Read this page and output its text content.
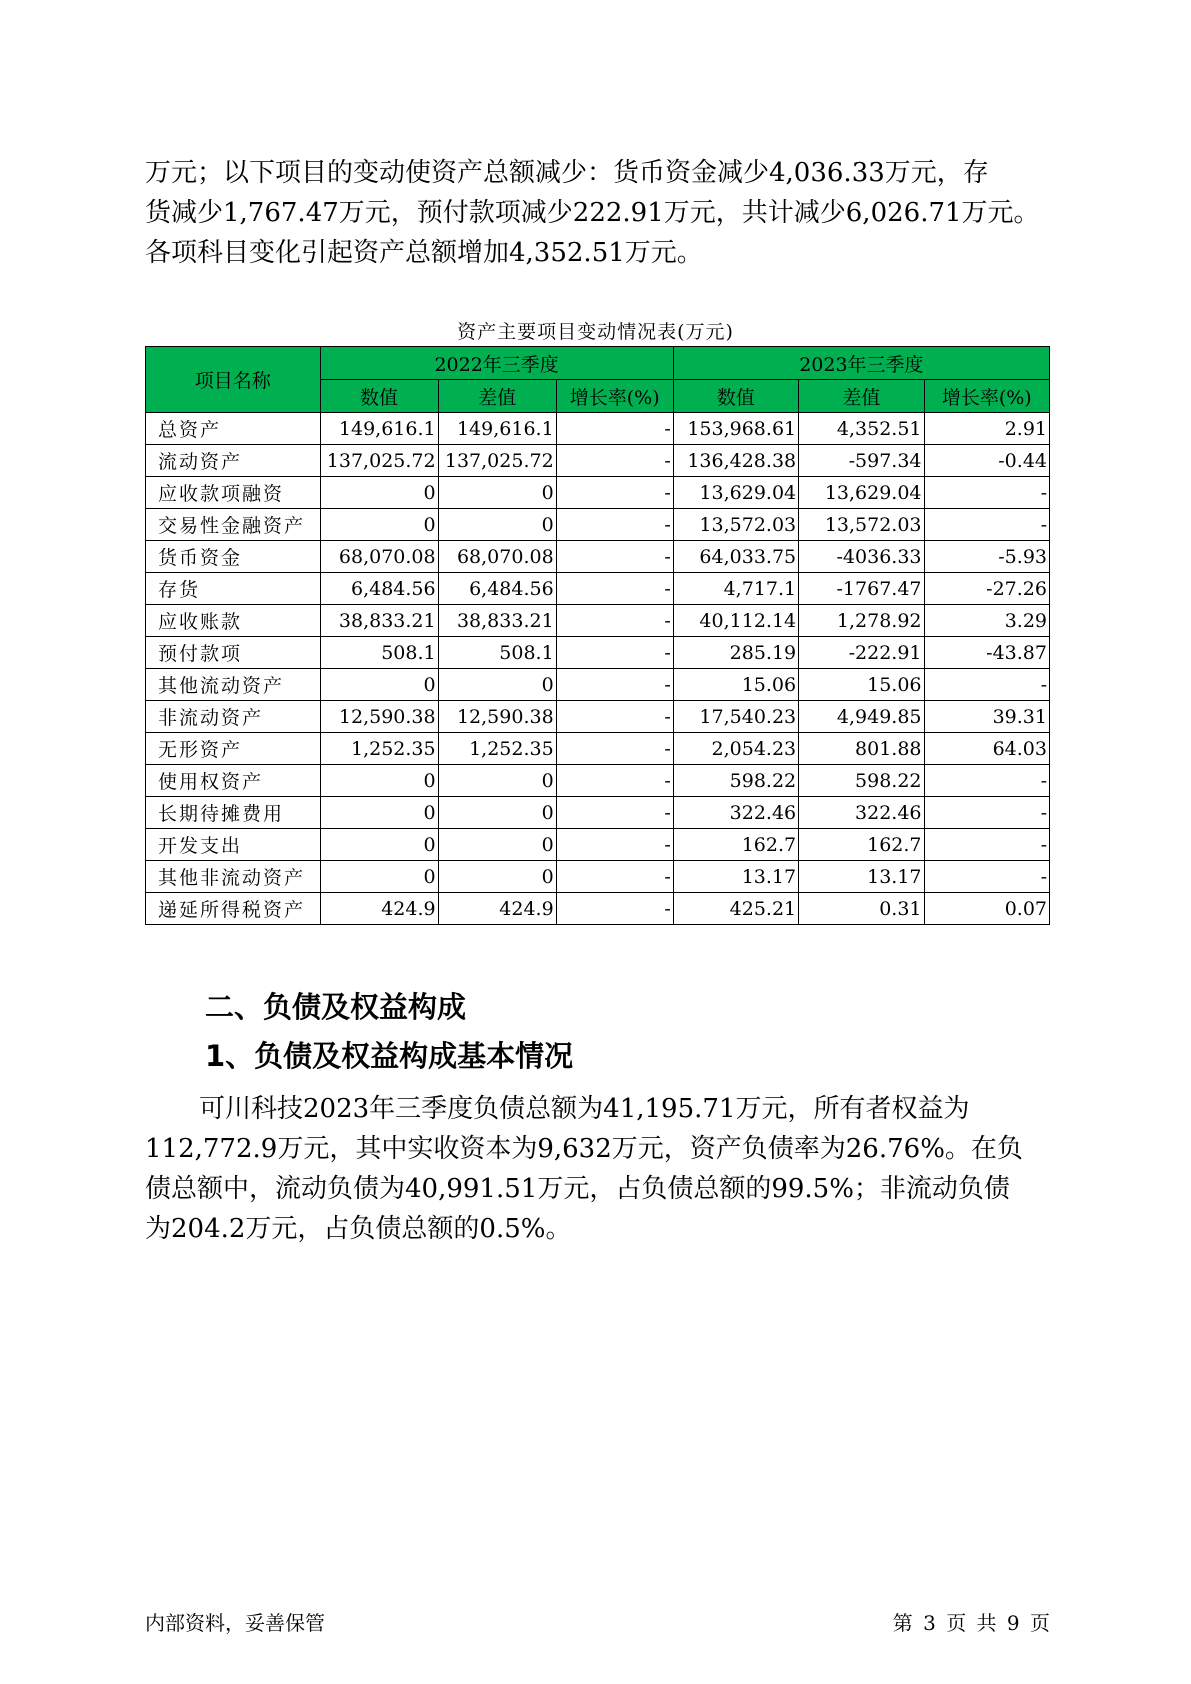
万元；以下项目的变动使资产总额减少：货币资金减少4,036.33万元，存
货减少1,767.47万元，预付款项减少222.91万元，共计减少6,026.71万元。
各项科目变化引起资产总额增加4,352.51万元。

资产主要项目变动情况表(万元)
项目名称	2022年三季度			2023年三季度		
	数值	差值	增长率(%)	数值	差值	增长率(%)
总资产	149,616.1	149,616.1	-	153,968.61	4,352.51	2.91
流动资产	137,025.72	137,025.72	-	136,428.38	-597.34	-0.44
应收款项融资	0	0	-	13,629.04	13,629.04	-
交易性金融资产	0	0	-	13,572.03	13,572.03	-
货币资金	68,070.08	68,070.08	-	64,033.75	-4036.33	-5.93
存货	6,484.56	6,484.56	-	4,717.1	-1767.47	-27.26
应收账款	38,833.21	38,833.21	-	40,112.14	1,278.92	3.29
预付款项	508.1	508.1	-	285.19	-222.91	-43.87
其他流动资产	0	0	-	15.06	15.06	-
非流动资产	12,590.38	12,590.38	-	17,540.23	4,949.85	39.31
无形资产	1,252.35	1,252.35	-	2,054.23	801.88	64.03
使用权资产	0	0	-	598.22	598.22	-
长期待摊费用	0	0	-	322.46	322.46	-
开发支出	0	0	-	162.7	162.7	-
其他非流动资产	0	0	-	13.17	13.17	-
递延所得税资产	424.9	424.9	-	425.21	0.31	0.07
二、负债及权益构成
1、负债及权益构成基本情况

可川科技2023年三季度负债总额为41,195.71万元，所有者权益为
112,772.9万元，其中实收资本为9,632万元，资产负债率为26.76%。在负
债总额中，流动负债为40,991.51万元，占负债总额的99.5%；非流动负债
为204.2万元，占负债总额的0.5%。

内部资料，妥善保管	第 3 页 共 9 页
